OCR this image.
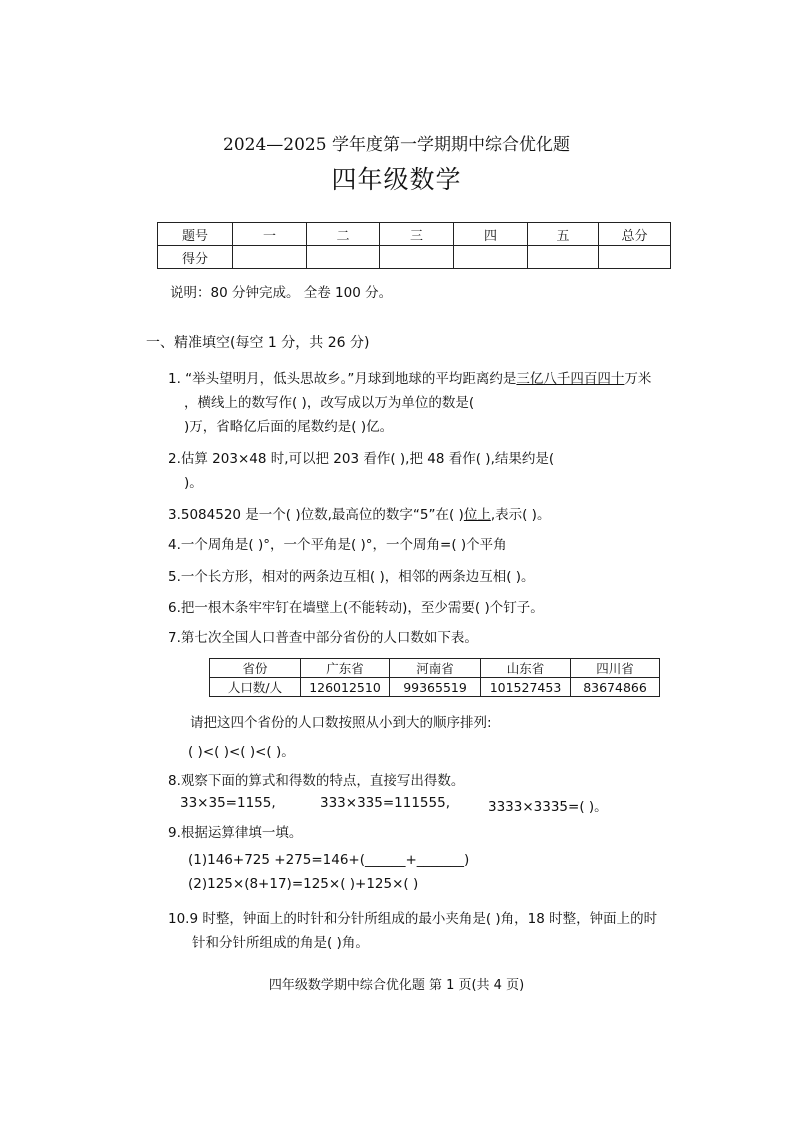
2024—2025 学年度第一学期期中综合优化题
四年级数学
题号	一	二	三	四	五	总分
得分						
说明：80 分钟完成。 全卷 100 分。
一、精准填空(每空 1 分，共 26 分)
1. “举头望明月，低头思故乡。”月球到地球的平均距离约是三亿八千四百四十万米
，横线上的数写作( )，改写成以万为单位的数是(
)万，省略亿后面的尾数约是( )亿。
2.估算 203×48 时,可以把 203 看作( ),把 48 看作( ),结果约是(
)。
3.5084520 是一个( )位数,最高位的数字“5”在( )位上,表示( )。
4.一个周角是( )°，一个平角是( )°，一个周角=( )个平角
5.一个长方形，相对的两条边互相( )，相邻的两条边互相( )。
6.把一根木条牢牢钉在墙壁上(不能转动)，至少需要( )个钉子。
7.第七次全国人口普查中部分省份的人口数如下表。
省份	广东省	河南省	山东省	四川省
人口数/人	126012510	99365519	101527453	83674866
请把这四个省份的人口数按照从小到大的顺序排列:
( )<( )<( )<( )。
8.观察下面的算式和得数的特点，直接写出得数。
33×35=1155,	333×335=111555,	3333×3335=( )。
9.根据运算律填一填。
(1)146+725 +275=146+(______+_______)
(2)125×(8+17)=125×( )+125×( )
10.9 时整，钟面上的时针和分针所组成的最小夹角是( )角，18 时整，钟面上的时
针和分针所组成的角是( )角。
四年级数学期中综合优化题 第 1 页(共 4 页)
